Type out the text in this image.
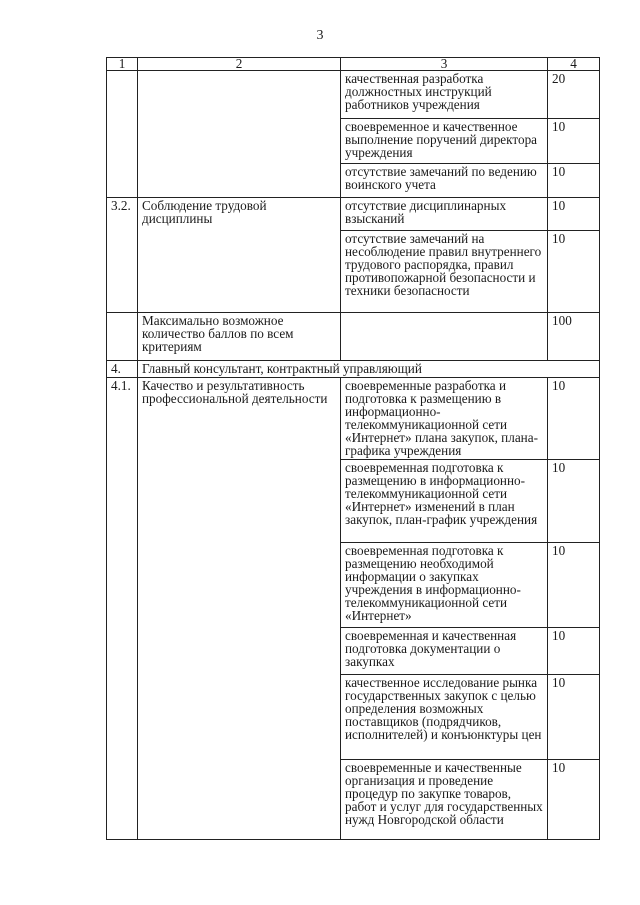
3
1	2	3	4
		качественная разработка должностных инструкций работников учреждения	20
		своевременное и качественное выполнение поручений директора учреждения	10
		отсутствие замечаний по ведению воинского учета	10
3.2.	Соблюдение трудовой дисциплины	отсутствие дисциплинарных взысканий	10
		отсутствие замечаний на несоблюдение правил внутреннего трудового распорядка, правил противопожарной безопасности и техники безопасности	10
	Максимально возможное количество баллов по всем критериям		100
4.	Главный консультант, контрактный управляющий		
4.1.	Качество и результативность профессиональной деятельности	своевременные разработка и подготовка к размещению в информационно-телекоммуникационной сети «Интернет» плана закупок, плана-графика учреждения	10
		своевременная подготовка к размещению в информационно-телекоммуникационной сети «Интернет» изменений в план закупок, план-график учреждения	10
		своевременная подготовка к размещению необходимой информации о закупках учреждения в информационно-телекоммуникационной сети «Интернет»	10
		своевременная и качественная подготовка документации о закупках	10
		качественное исследование рынка государственных закупок с целью определения возможных поставщиков (подрядчиков, исполнителей) и конъюнктуры цен	10
		своевременные и качественные организация и проведение процедур по закупке товаров, работ и услуг для государственных нужд Новгородской области	10
